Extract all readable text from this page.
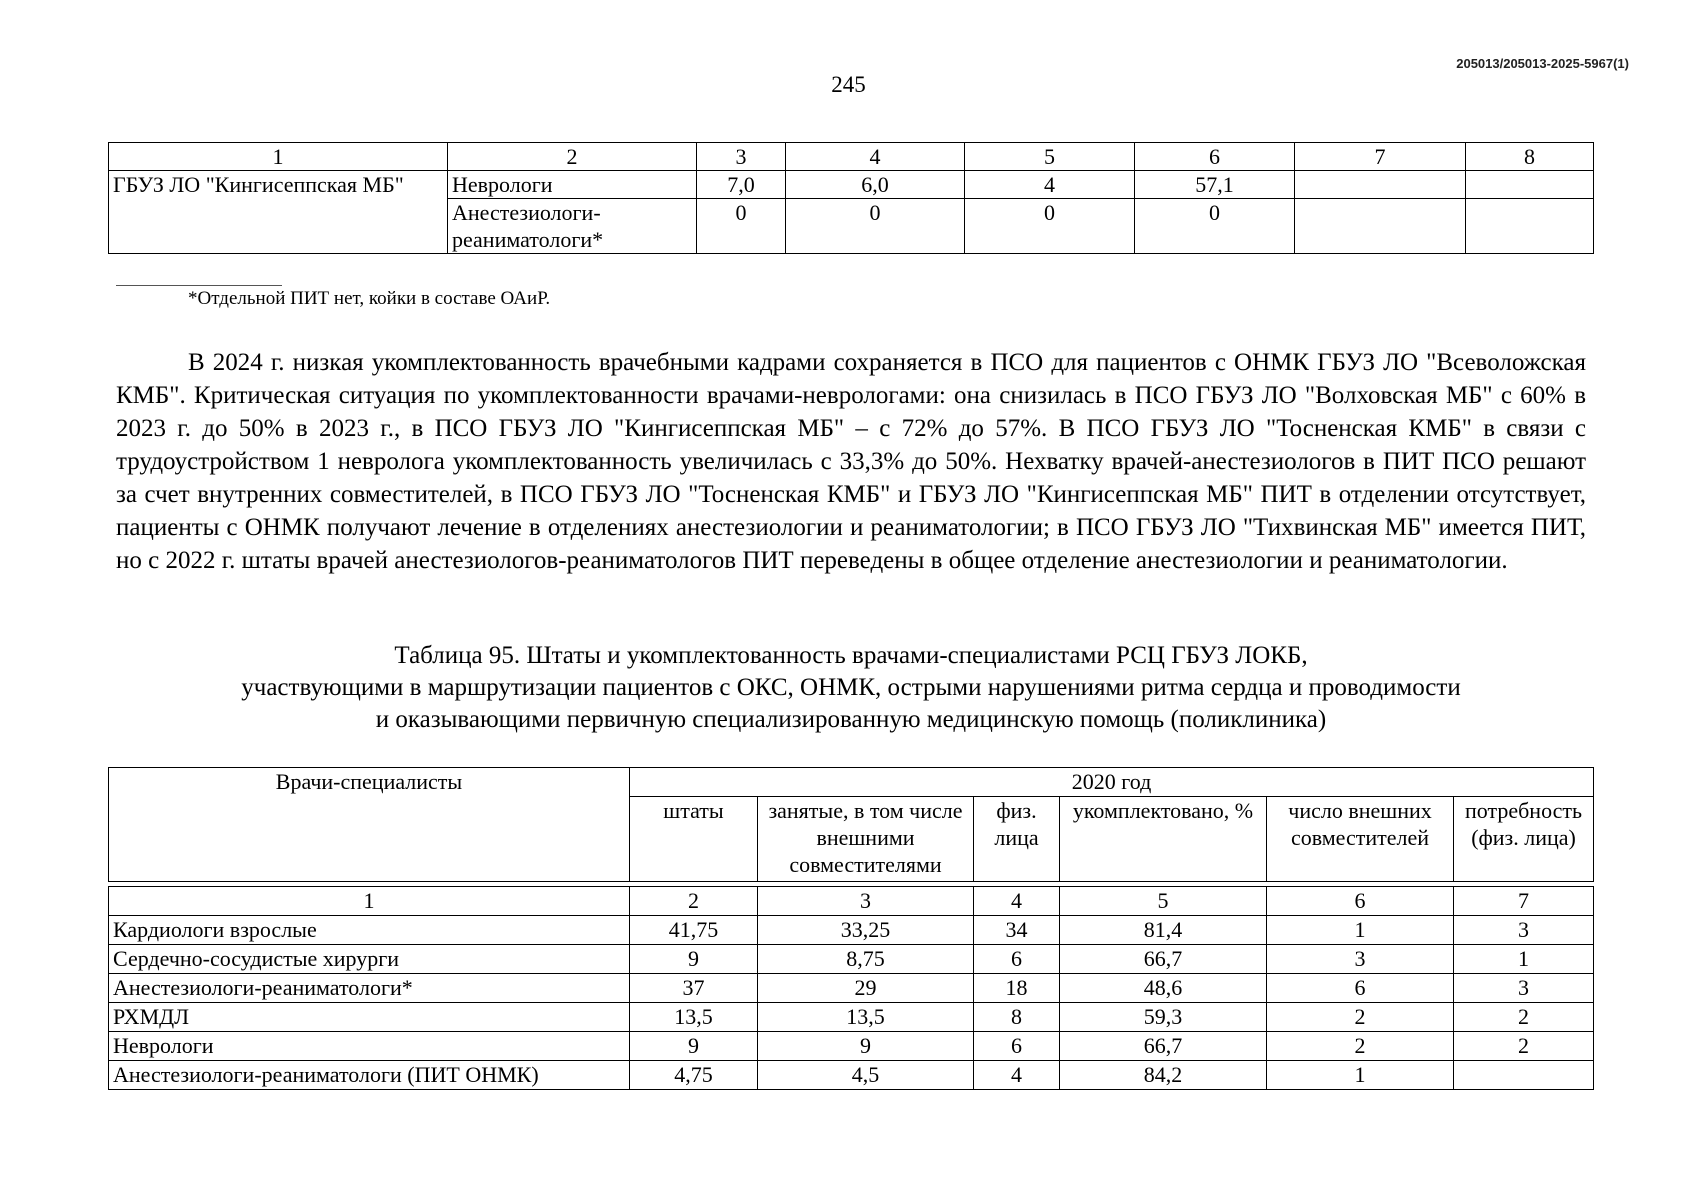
205013/205013-2025-5967(1)
245
1	2	3	4	5	6	7	8
ГБУЗ ЛО "Кингисеппская МБ"	Неврологи	7,0	6,0	4	57,1		
	Анестезиологи-реаниматологи*	0	0	0	0		
*Отдельной ПИТ нет, койки в составе ОАиР.

В 2024 г. низкая укомплектованность врачебными кадрами сохраняется в ПСО для пациентов с ОНМК ГБУЗ ЛО "Всеволожская КМБ". Критическая ситуация по укомплектованности врачами-неврологами: она снизилась в ПСО ГБУЗ ЛО "Волховская МБ" с 60% в 2023 г. до 50% в 2023 г., в ПСО ГБУЗ ЛО "Кингисеппская МБ" – с 72% до 57%. В ПСО ГБУЗ ЛО "Тосненская КМБ" в связи с трудоустройством 1 невролога укомплектованность увеличилась с 33,3% до 50%. Нехватку врачей-анестезиологов в ПИТ ПСО решают за счет внутренних совместителей, в ПСО ГБУЗ ЛО "Тосненская КМБ" и ГБУЗ ЛО "Кингисеппская МБ" ПИТ в отделении отсутствует, пациенты с ОНМК получают лечение в отделениях анестезиологии и реаниматологии; в ПСО ГБУЗ ЛО "Тихвинская МБ" имеется ПИТ, но с 2022 г. штаты врачей анестезиологов-реаниматологов ПИТ переведены в общее отделение анестезиологии и реаниматологии.

Таблица 95. Штаты и укомплектованность врачами-специалистами РСЦ ГБУЗ ЛОКБ,
участвующими в маршрутизации пациентов с ОКС, ОНМК, острыми нарушениями ритма сердца и проводимости
и оказывающими первичную специализированную медицинскую помощь (поликлиника)
Врачи-специалисты	2020 год					
	штаты	занятые, в том числе внешними совместителями	физ. лица	укомплектовано, %	число внешних совместителей	потребность (физ. лица)
1	2	3	4	5	6	7
Кардиологи взрослые	41,75	33,25	34	81,4	1	3
Сердечно-сосудистые хирурги	9	8,75	6	66,7	3	1
Анестезиологи-реаниматологи*	37	29	18	48,6	6	3
РХМДЛ	13,5	13,5	8	59,3	2	2
Неврологи	9	9	6	66,7	2	2
Анестезиологи-реаниматологи (ПИТ ОНМК)	4,75	4,5	4	84,2	1	
